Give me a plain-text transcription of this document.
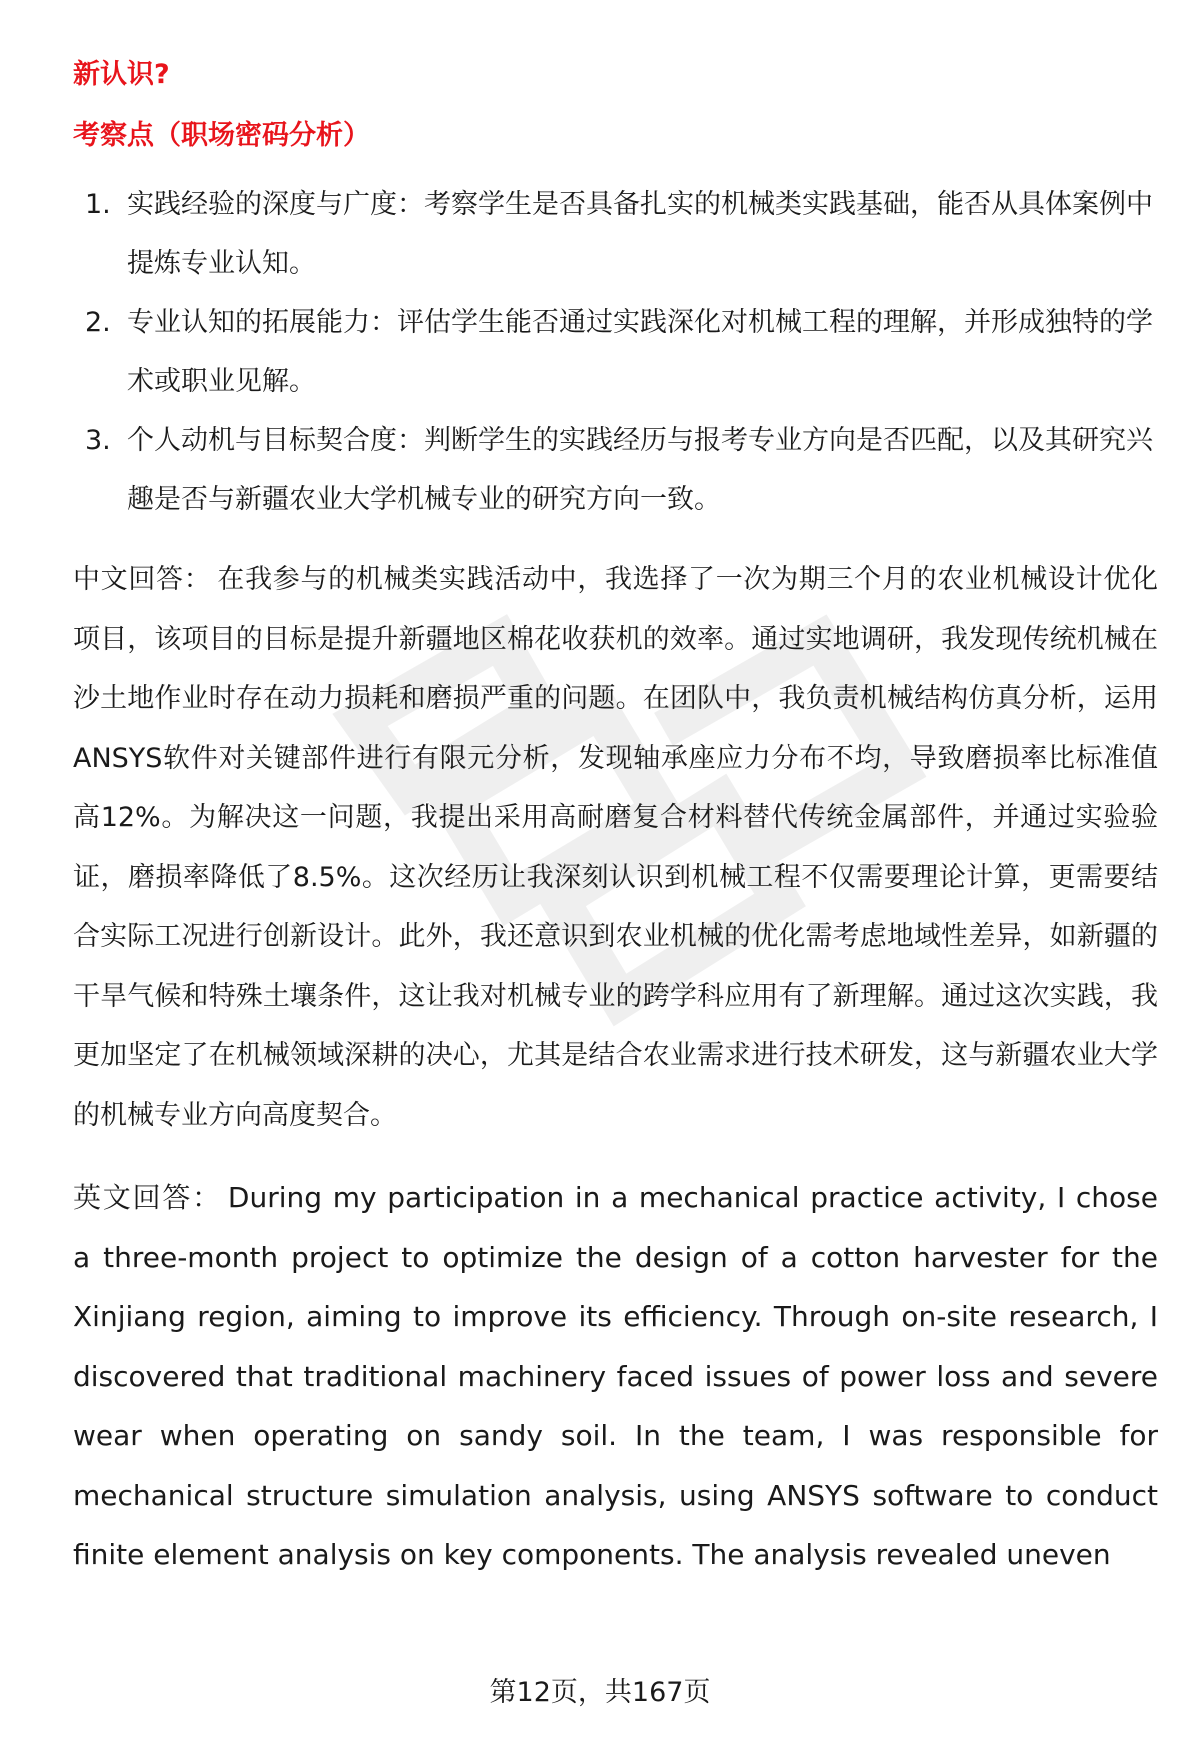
新认识?

考察点（职场密码分析）

1. 实践经验的深度与广度：考察学生是否具备扎实的机械类实践基础，能否从具体案例中提炼专业认知。
2. 专业认知的拓展能力：评估学生能否通过实践深化对机械工程的理解，并形成独特的学术或职业见解。
3. 个人动机与目标契合度：判断学生的实践经历与报考专业方向是否匹配，以及其研究兴趣是否与新疆农业大学机械专业的研究方向一致。

中文回答： 在我参与的机械类实践活动中，我选择了一次为期三个月的农业机械设计优化项目，该项目的目标是提升新疆地区棉花收获机的效率。通过实地调研，我发现传统机械在沙土地作业时存在动力损耗和磨损严重的问题。在团队中，我负责机械结构仿真分析，运用ANSYS软件对关键部件进行有限元分析，发现轴承座应力分布不均，导致磨损率比标准值高12%。为解决这一问题，我提出采用高耐磨复合材料替代传统金属部件，并通过实验验证，磨损率降低了8.5%。这次经历让我深刻认识到机械工程不仅需要理论计算，更需要结合实际工况进行创新设计。此外，我还意识到农业机械的优化需考虑地域性差异，如新疆的干旱气候和特殊土壤条件，这让我对机械专业的跨学科应用有了新理解。通过这次实践，我更加坚定了在机械领域深耕的决心，尤其是结合农业需求进行技术研发，这与新疆农业大学的机械专业方向高度契合。

英文回答： During my participation in a mechanical practice activity, I chose a three-month project to optimize the design of a cotton harvester for the Xinjiang region, aiming to improve its efficiency. Through on-site research, I discovered that traditional machinery faced issues of power loss and severe wear when operating on sandy soil. In the team, I was responsible for mechanical structure simulation analysis, using ANSYS software to conduct finite element analysis on key components. The analysis revealed uneven

第12页，共167页
